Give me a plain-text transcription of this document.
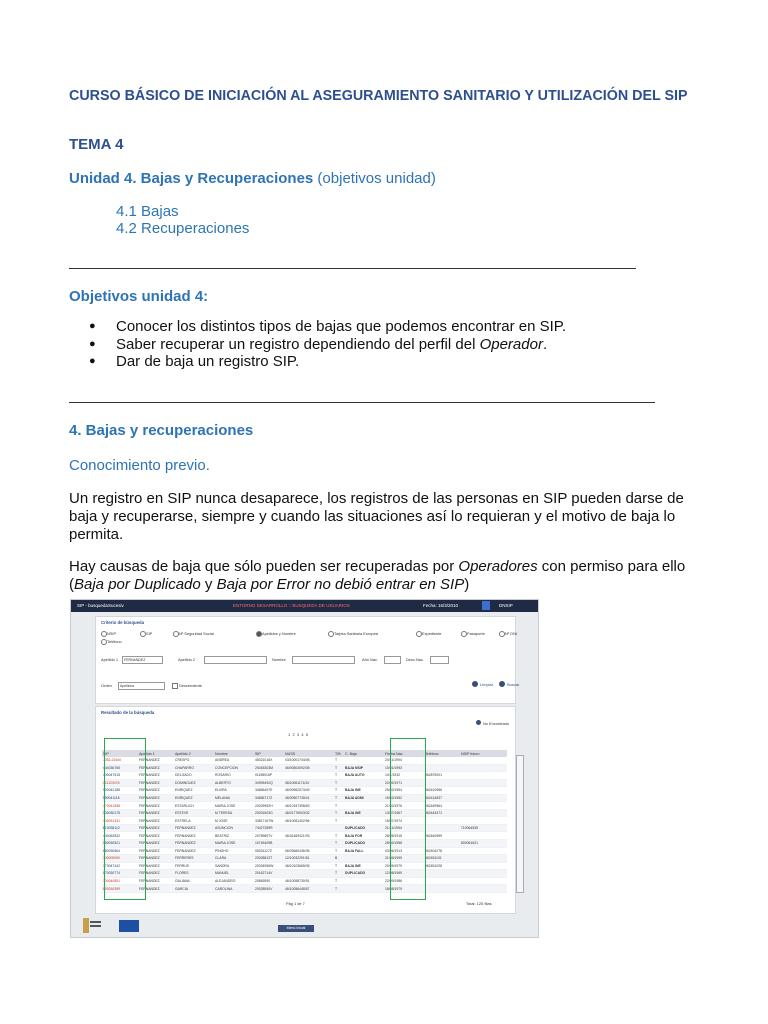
CURSO BÁSICO DE INICIACIÓN AL ASEGURAMIENTO SANITARIO Y UTILIZACIÓN DEL SIP
TEMA 4
Unidad 4. Bajas y Recuperaciones (objetivos unidad)
4.1 Bajas
4.2 Recuperaciones
Objetivos unidad 4:
● Conocer los distintos tipos de bajas que podemos encontrar en SIP.
● Saber recuperar un registro dependiendo del perfil del Operador.
● Dar de baja un registro SIP.
4. Bajas y recuperaciones
Conocimiento previo.
Un registro en SIP nunca desaparece, los registros de las personas en SIP pueden darse de baja y recuperarse, siempre y cuando las situaciones así lo requieran y el motivo de baja lo permita.
Hay causas de baja que sólo pueden ser recuperadas por Operadores con permiso para ello (Baja por Duplicado y Baja por Error no debió entrar en SIP)
SIP - busquedaSucesiv	ENTORNO DESARROLLO :: BUSQUEDA DE USUARIOS	Fecha: 16/3/2010	DNSIP
Criterio de búsqueda
NSIP	SIP	Nº Seguridad Social	Apellidos y Nombre	Tarjeta Sanitaria Europea	Expediente	Pasaporte	Nº DNI
Teléfono
Apellido 1	FERNANDEZ	Apellido 2	Nombre	Año Nac.	Desc.Nac.
Orden	Apellidos	Descendente	Limpiar	Buscar
Resultado de la búsqueda
No Encontrado
1 2 3 4 5
SIP	Apellido 1	Apellido 2	Nombre	SIP	NUSS	T/B	C. Baja	Fecha Nac.	Teléfono	NSIP futuro
7352-22640	FERNANDEZ	CRESPO	ANDREA	45021015X	03/10001744/05	T		20/11/1994		
444036765	FERNANDEZ	CHAPARRO	CONCEPCION	25445303M	46/00504092/05	T	BAJA NSIP	10/01/1993		
130047515	FERNANDEZ	DELGADO	ROSARIO	01198016P		T	BAJA AUTO	10/1/1932	962875001	
411123476	FERNANDEZ	DOMINGUEZ	ALBERTO	34995492Q	36/10061174/10	T		22/02/1971		
900042188	FERNANDEZ	ENRIQUEZ	ELVIRA	34656497E	46/00962074/49	T	BAJA INE	25/02/1954	962410956	
550041118	FERNANDEZ	ENRIQUEZ	MELANIA	34656717Z	46/00507745/41	T	BAJA ADMI	15/02/1952	962414837	
470041558	FERNANDEZ	ESTARLICH	MARIA JOSE	20025992H	46/10157398/63	T		21/02/1976	962449564	
130030175	FERNANDEZ	ESTEVE	M TERESA	20031503G	46/01776903/32	T	BAJA INE	13/07/1967	962443471	
340031331	FERNANDEZ	ESTRELA	M JOSE	33817167W	46/10051402/96	T		15/07/1974		
810038112	FERNANDEZ	FERNANDEZ	ASUNCION	74427289R			DUPLICADO	21/11/1954		710064535
440052832	FERNANDEZ	FERNANDEZ	BEATRIZ	20789697V	46/31469421/93	T	BAJA FOR	28/05/1915	962440599	
150030521	FERNANDEZ	FERNANDEZ	MARIA JOSE	10745409B		T	DUPLICADO	28/02/1958		800061621
880030564	FERNANDEZ	FERNANDEZ	PINGHO	05031127Z	06/03660436/35	T	BAJA FALL	03/06/1913	962404278	
740009090	FERNANDEZ	FERRERES	CLARA	20028813T	12/10032291/51	B		21/05/1999	962451101	
173047442	FERNANDEZ	FERRUS	SANDRA	20034956W	46/10103665/05	T	BAJA INE	20/09/1979	962451028	
070030774	FERNANDEZ	FLORES	MANUEL	20162714V		T	DUPLICADO	12/08/1969		
330040851	FERNANDEZ	GALIANA	ALEJANDRO	20845590	46/10098730/91	T		22/09/1986		
800016399	FERNANDEZ	GARCIA	CAROLINA	20028550V	46/10056448/57	T		18/08/1979		
Pág 1 de 7	Total: 125 filas
Menú Inicial
